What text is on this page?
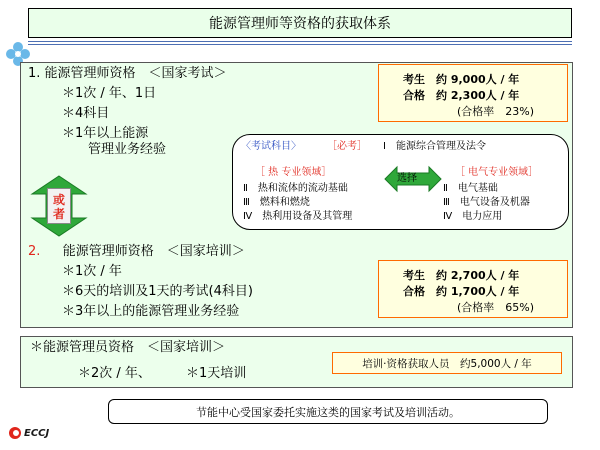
能源管理师等资格的获取体系
1. 能源管理师资格　＜国家考试＞
＊1次 / 年、1日
＊4科目
＊1年以上能源
管理业务经验
考生　约 9,000人 / 年
合格　约 2,300人 / 年
(合格率　23%)
或
者
〈考试科目〉	［必考］ Ⅰ　能源综合管理及法令
［ 热 专业领域］
Ⅱ　热和流体的流动基础
Ⅲ　燃料和燃烧
Ⅳ　热利用设备及其管理
选择
［ 电气专业领域］
Ⅱ　电气基础
Ⅲ　电气设备及机器
Ⅳ　电力应用
2. 能源管理师资格　＜国家培训＞
＊1次 / 年
＊6天的培训及1天的考试(4科目)
＊3年以上的能源管理业务经验
考生　约 2,700人 / 年
合格　约 1,700人 / 年
(合格率　65%)
＊能源管理员资格　＜国家培训＞
＊2次 / 年、	＊1天培训
培训·资格获取人员　约5,000人 / 年
节能中心受国家委托实施这类的国家考试及培训活动。
ECCJ
